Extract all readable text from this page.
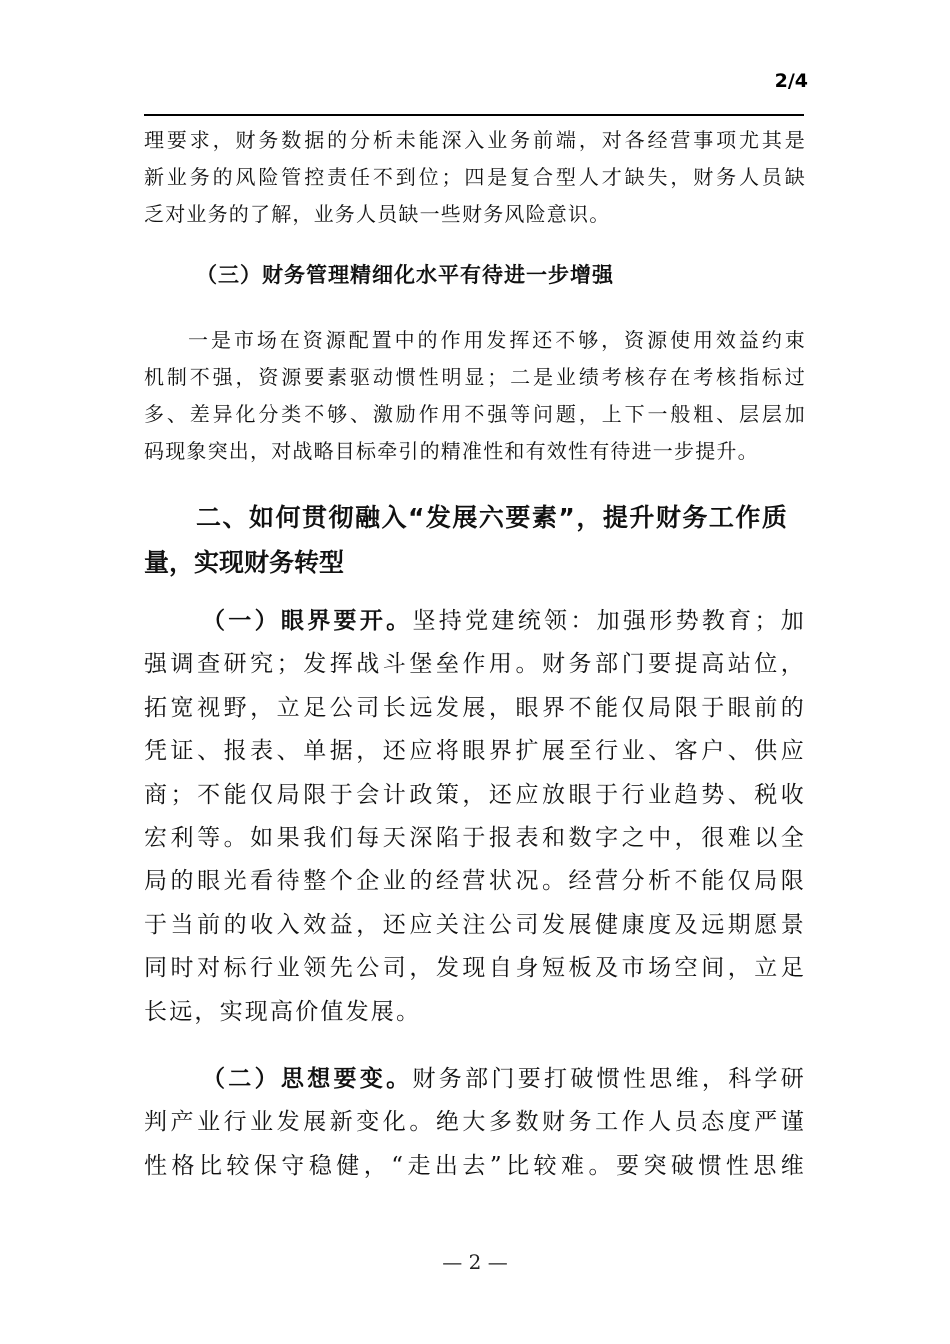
2/4
理要求，财务数据的分析未能深入业务前端，对各经营事项尤其是
新业务的风险管控责任不到位；四是复合型人才缺失，财务人员缺
乏对业务的了解，业务人员缺一些财务风险意识。
（三）财务管理精细化水平有待进一步增强
一是市场在资源配置中的作用发挥还不够，资源使用效益约束
机制不强，资源要素驱动惯性明显；二是业绩考核存在考核指标过
多、差异化分类不够、激励作用不强等问题，上下一般粗、层层加
码现象突出，对战略目标牵引的精准性和有效性有待进一步提升。
二、如何贯彻融入“发展六要素”，提升财务工作质
量，实现财务转型
（一）眼界要开。坚持党建统领：加强形势教育；加
强调查研究；发挥战斗堡垒作用。财务部门要提高站位，
拓宽视野，立足公司长远发展，眼界不能仅局限于眼前的
凭证、报表、单据，还应将眼界扩展至行业、客户、供应
商；不能仅局限于会计政策，还应放眼于行业趋势、税收
宏利等。如果我们每天深陷于报表和数字之中，很难以全
局的眼光看待整个企业的经营状况。经营分析不能仅局限
于当前的收入效益，还应关注公司发展健康度及远期愿景
同时对标行业领先公司，发现自身短板及市场空间，立足
长远，实现高价值发展。
（二）思想要变。财务部门要打破惯性思维，科学研
判产业行业发展新变化。绝大多数财务工作人员态度严谨
性格比较保守稳健，“走出去”比较难。要突破惯性思维
— 2 —
